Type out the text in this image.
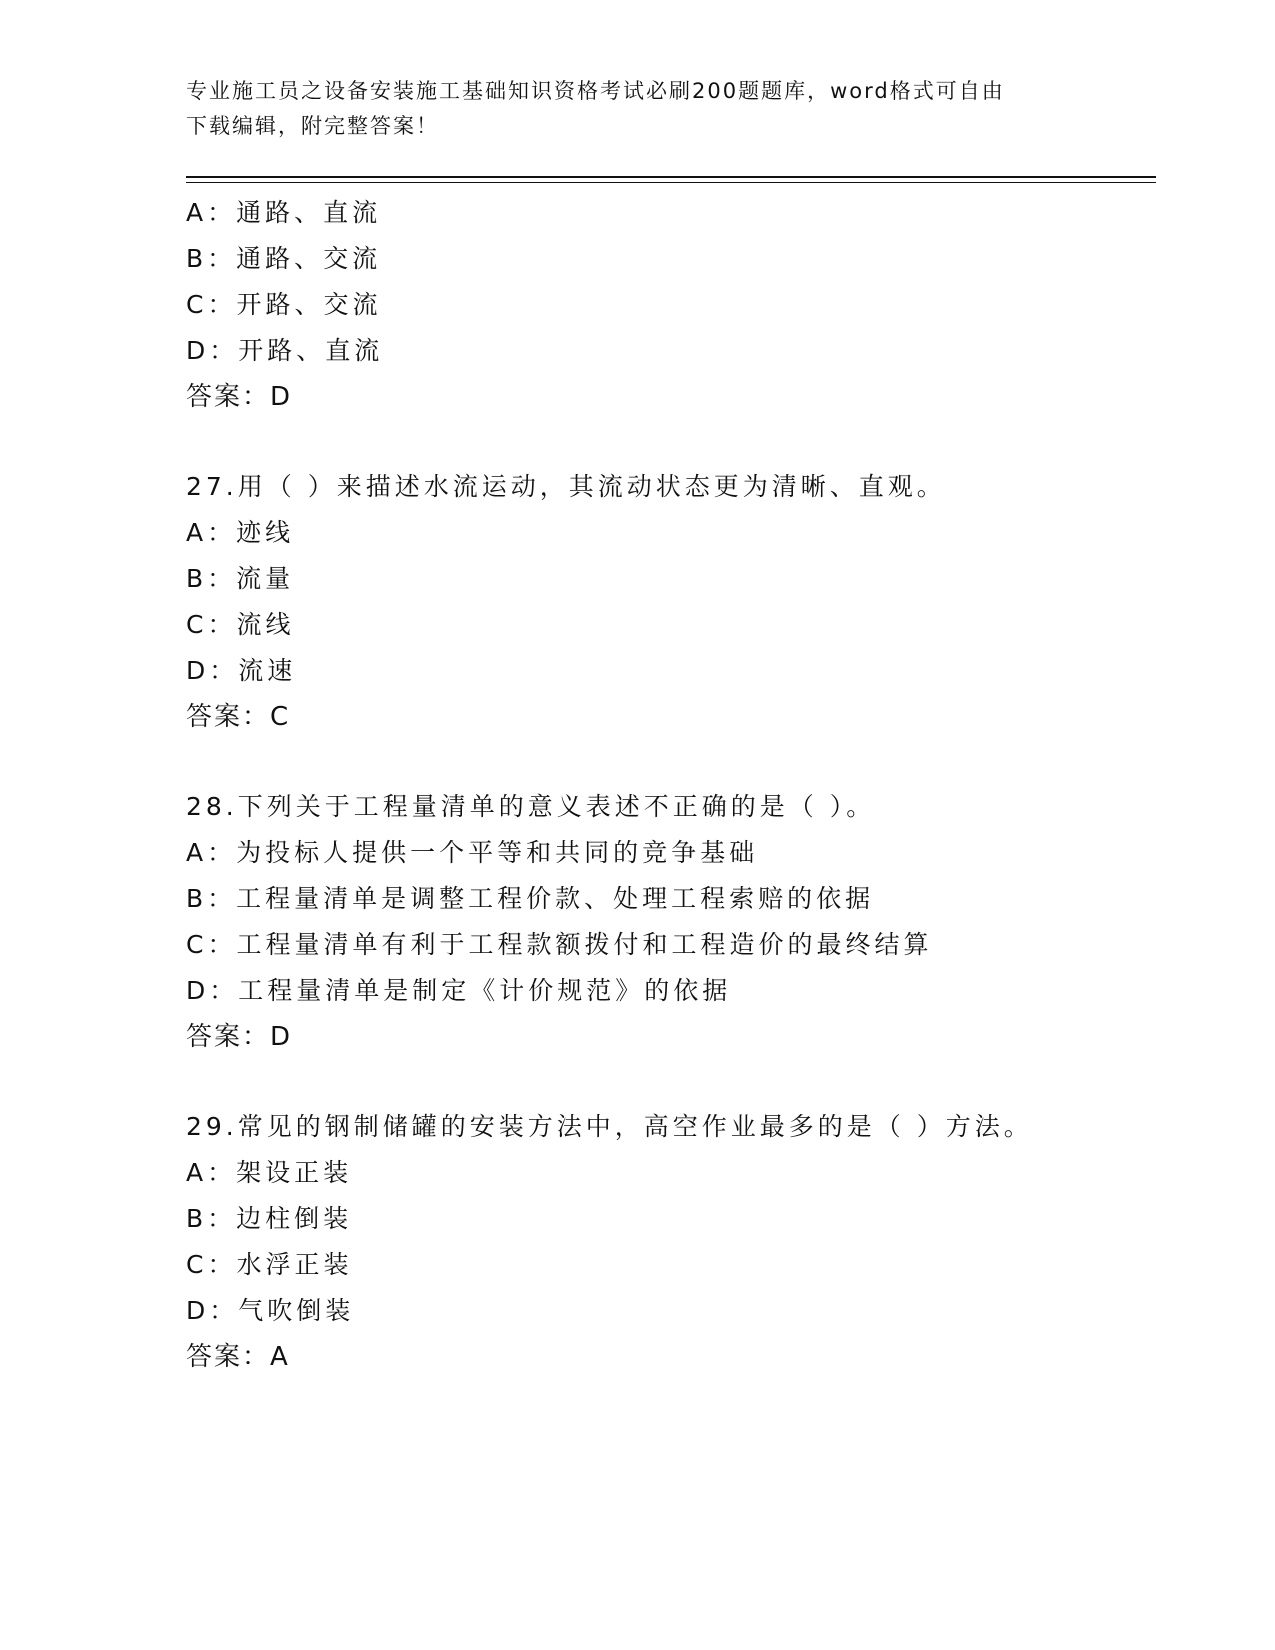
专业施工员之设备安装施工基础知识资格考试必刷200题题库，word格式可自由
下载编辑，附完整答案！
A：通路、直流
B：通路、交流
C：开路、交流
D：开路、直流
答案：D
27.用（ ）来描述水流运动，其流动状态更为清晰、直观。
A：迹线
B：流量
C：流线
D：流速
答案：C
28.下列关于工程量清单的意义表述不正确的是（ ）。
A：为投标人提供一个平等和共同的竞争基础
B：工程量清单是调整工程价款、处理工程索赔的依据
C：工程量清单有利于工程款额拨付和工程造价的最终结算
D：工程量清单是制定《计价规范》的依据
答案：D
29.常见的钢制储罐的安装方法中，高空作业最多的是（ ）方法。
A：架设正装
B：边柱倒装
C：水浮正装
D：气吹倒装
答案：A
